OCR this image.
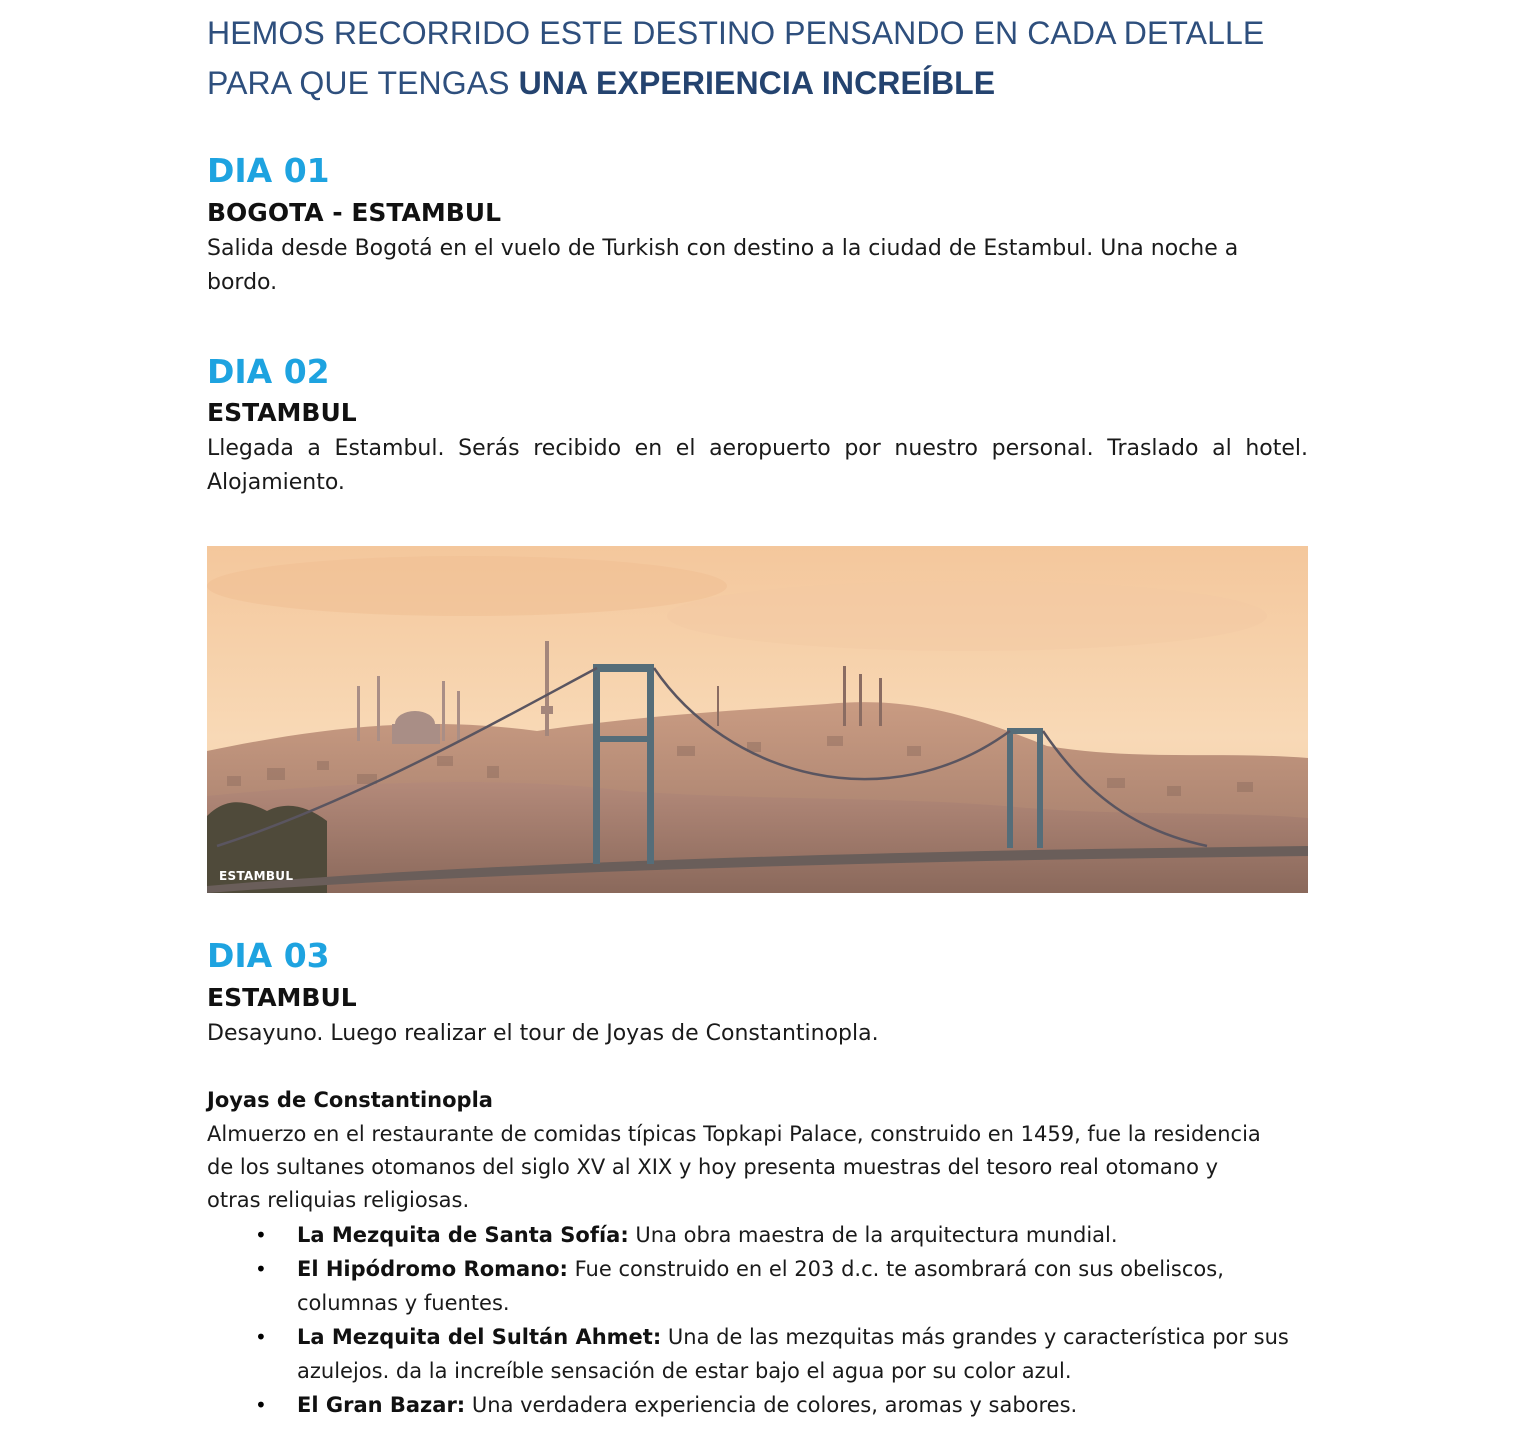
HEMOS RECORRIDO ESTE DESTINO PENSANDO EN CADA DETALLE
PARA QUE TENGAS UNA EXPERIENCIA INCREÍBLE
DIA 01
BOGOTA - ESTAMBUL

Salida desde Bogotá en el vuelo de Turkish con destino a la ciudad de Estambul. Una noche a bordo.

DIA 02
ESTAMBUL

Llegada a Estambul. Serás recibido en el aeropuerto por nuestro personal. Traslado al hotel. Alojamiento.

ESTAMBUL
DIA 03
ESTAMBUL

Desayuno. Luego realizar el tour de Joyas de Constantinopla.

Joyas de Constantinopla

Almuerzo en el restaurante de comidas típicas Topkapi Palace, construido en 1459, fue la residencia de los sultanes otomanos del siglo XV al XIX y hoy presenta muestras del tesoro real otomano y otras reliquias religiosas.

• La Mezquita de Santa Sofía: Una obra maestra de la arquitectura mundial.
• El Hipódromo Romano: Fue construido en el 203 d.c. te asombrará con sus obeliscos, columnas y fuentes.
• La Mezquita del Sultán Ahmet: Una de las mezquitas más grandes y característica por sus azulejos. da la increíble sensación de estar bajo el agua por su color azul.
• El Gran Bazar: Una verdadera experiencia de colores, aromas y sabores.
